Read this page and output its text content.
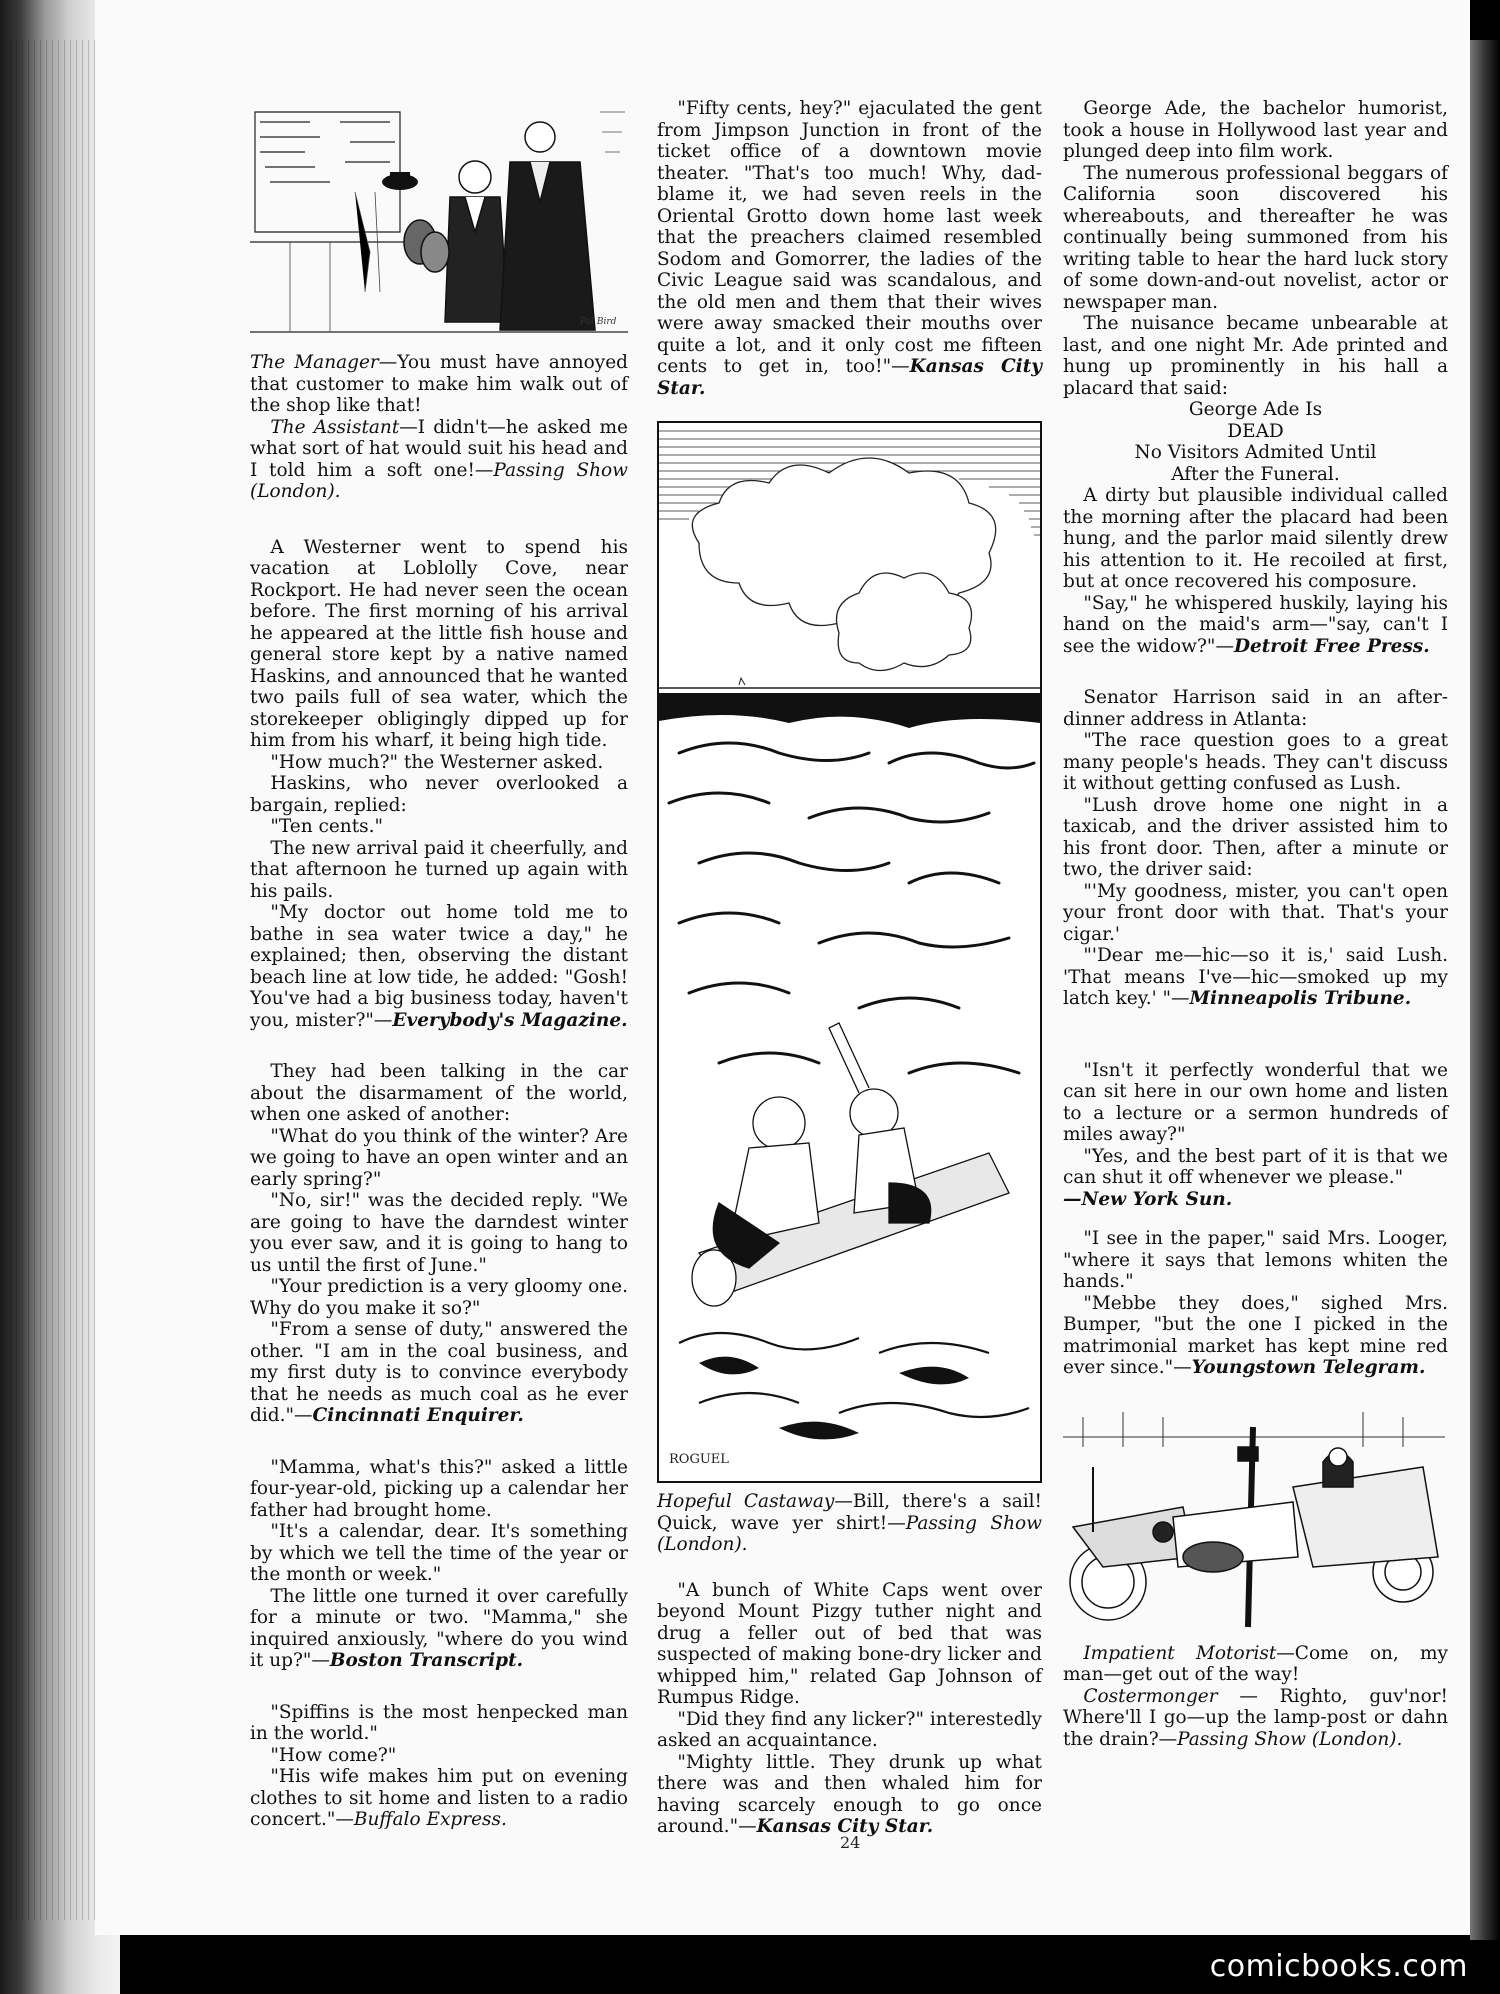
Pol Bird

The Manager—You must have annoyed that customer to make him walk out of the shop like that!

The Assistant—I didn't—he asked me what sort of hat would suit his head and I told him a soft one!—Passing Show (London).

A Westerner went to spend his vacation at Loblolly Cove, near Rockport. He had never seen the ocean before. The first morning of his arrival he appeared at the little fish house and general store kept by a native named Haskins, and announced that he wanted two pails full of sea water, which the storekeeper obligingly dipped up for him from his wharf, it being high tide.

"How much?" the Westerner asked.

Haskins, who never overlooked a bargain, replied:

"Ten cents."

The new arrival paid it cheerfully, and that afternoon he turned up again with his pails.

"My doctor out home told me to bathe in sea water twice a day," he explained; then, observing the distant beach line at low tide, he added: "Gosh! You've had a big business today, haven't you, mister?"—Everybody's Magazine.

They had been talking in the car about the disarmament of the world, when one asked of another:

"What do you think of the winter? Are we going to have an open winter and an early spring?"

"No, sir!" was the decided reply. "We are going to have the darndest winter you ever saw, and it is going to hang to us until the first of June."

"Your prediction is a very gloomy one. Why do you make it so?"

"From a sense of duty," answered the other. "I am in the coal business, and my first duty is to convince everybody that he needs as much coal as he ever did."—Cincinnati Enquirer.

"Mamma, what's this?" asked a little four-year-old, picking up a calendar her father had brought home.

"It's a calendar, dear. It's something by which we tell the time of the year or the month or week."

The little one turned it over carefully for a minute or two. "Mamma," she inquired anxiously, "where do you wind it up?"—Boston Transcript.

"Spiffins is the most henpecked man in the world."

"How come?"

"His wife makes him put on evening clothes to sit home and listen to a radio concert."—Buffalo Express.

"Fifty cents, hey?" ejaculated the gent from Jimpson Junction in front of the ticket office of a downtown movie theater. "That's too much! Why, dad-blame it, we had seven reels in the Oriental Grotto down home last week that the preachers claimed resembled Sodom and Gomorrer, the ladies of the Civic League said was scandalous, and the old men and them that their wives were away smacked their mouths over quite a lot, and it only cost me fifteen cents to get in, too!"—Kansas City Star.

ROGUEL

Hopeful Castaway—Bill, there's a sail! Quick, wave yer shirt!—Passing Show (London).

"A bunch of White Caps went over beyond Mount Pizgy tuther night and drug a feller out of bed that was suspected of making bone-dry licker and whipped him," related Gap Johnson of Rumpus Ridge.

"Did they find any licker?" interestedly asked an acquaintance.

"Mighty little. They drunk up what there was and then whaled him for having scarcely enough to go once around."—Kansas City Star.

George Ade, the bachelor humorist, took a house in Hollywood last year and plunged deep into film work.

The numerous professional beggars of California soon discovered his whereabouts, and thereafter he was continually being summoned from his writing table to hear the hard luck story of some down-and-out novelist, actor or newspaper man.

The nuisance became unbearable at last, and one night Mr. Ade printed and hung up prominently in his hall a placard that said:

George Ade Is

DEAD

No Visitors Admited Until

After the Funeral.

A dirty but plausible individual called the morning after the placard had been hung, and the parlor maid silently drew his attention to it. He recoiled at first, but at once recovered his composure.

"Say," he whispered huskily, laying his hand on the maid's arm—"say, can't I see the widow?"—Detroit Free Press.

Senator Harrison said in an after-dinner address in Atlanta:

"The race question goes to a great many people's heads. They can't discuss it without getting confused as Lush.

"Lush drove home one night in a taxicab, and the driver assisted him to his front door. Then, after a minute or two, the driver said:

"'My goodness, mister, you can't open your front door with that. That's your cigar.'

"'Dear me—hic—so it is,' said Lush. 'That means I've—hic—smoked up my latch key.' "—Minneapolis Tribune.

"Isn't it perfectly wonderful that we can sit here in our own home and listen to a lecture or a sermon hundreds of miles away?"

"Yes, and the best part of it is that we can shut it off whenever we please."

—New York Sun.

"I see in the paper," said Mrs. Looger, "where it says that lemons whiten the hands."

"Mebbe they does," sighed Mrs. Bumper, "but the one I picked in the matrimonial market has kept mine red ever since."—Youngstown Telegram.

Impatient Motorist—Come on, my man—get out of the way!

Costermonger — Righto, guv'nor! Where'll I go—up the lamp-post or dahn the drain?—Passing Show (London).

24
comicbooks.com
